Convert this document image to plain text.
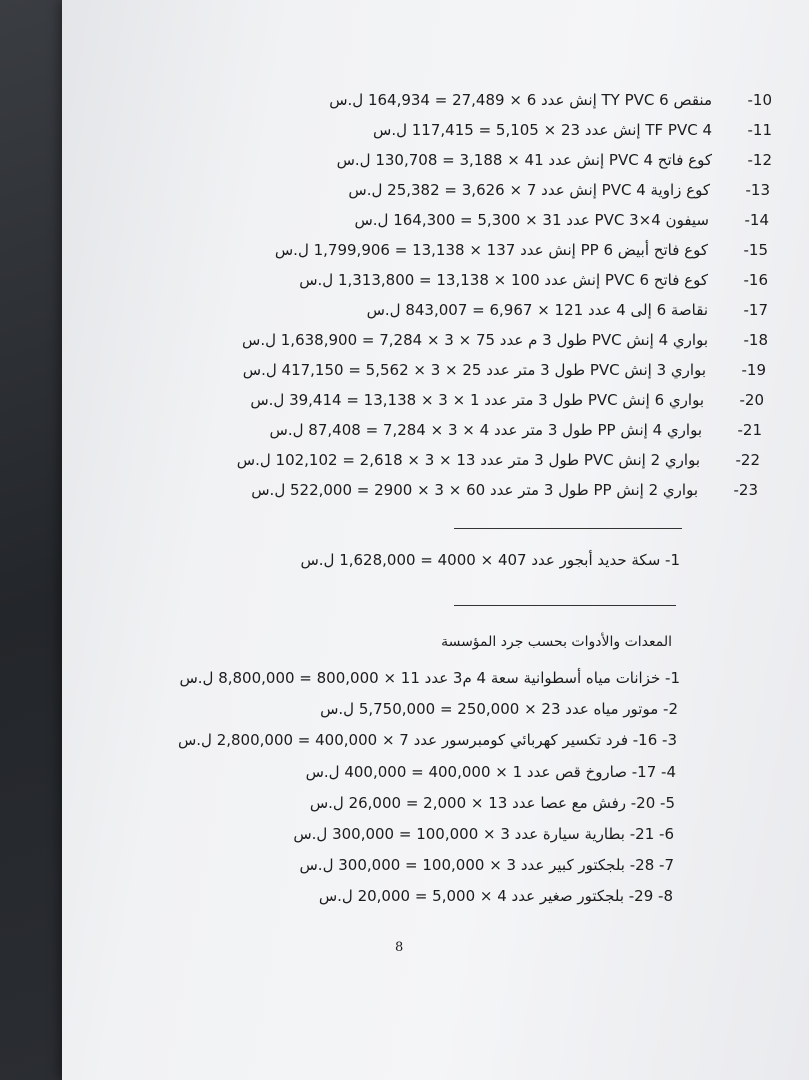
-10
منقص TY PVC 6 إنش عدد 6 × 27,489 = 164,934 ل.س
-11
TF PVC 4 إنش عدد 23 × 5,105 = 117,415 ل.س
-12
كوع فاتح PVC 4 إنش عدد 41 × 3,188 = 130,708 ل.س
-13
كوع زاوية PVC 4 إنش عدد 7 × 3,626 = 25,382 ل.س
-14
سيفون 4×3 PVC عدد 31 × 5,300 = 164,300 ل.س
-15
كوع فاتح أبيض PP 6 إنش عدد 137 × 13,138 = 1,799,906 ل.س
-16
كوع فاتح PVC 6 إنش عدد 100 × 13,138 = 1,313,800 ل.س
-17
نقاصة 6 إلى 4 عدد 121 × 6,967 = 843,007 ل.س
-18
بواري 4 إنش PVC طول 3 م عدد 75 × 3 × 7,284 = 1,638,900 ل.س
-19
بواري 3 إنش PVC طول 3 متر عدد 25 × 3 × 5,562 = 417,150 ل.س
-20
بواري 6 إنش PVC طول 3 متر عدد 1 × 3 × 13,138 = 39,414 ل.س
-21
بواري 4 إنش PP طول 3 متر عدد 4 × 3 × 7,284 = 87,408 ل.س
-22
بواري 2 إنش PVC طول 3 متر عدد 13 × 3 × 2,618 = 102,102 ل.س
-23
بواري 2 إنش PP طول 3 متر عدد 60 × 3 × 2900 = 522,000 ل.س
1- سكة حديد أبجور عدد 407 × 4000 = 1,628,000 ل.س
المعدات والأدوات بحسب جرد المؤسسة
1- خزانات مياه أسطوانية سعة 4 م3 عدد 11 × 800,000 = 8,800,000 ل.س
2- موتور مياه عدد 23 × 250,000 = 5,750,000 ل.س
3- 16- فرد تكسير كهربائي كومبرسور عدد 7 × 400,000 = 2,800,000 ل.س
4- 17- صاروخ قص عدد 1 × 400,000 = 400,000 ل.س
5- 20- رفش مع عصا عدد 13 × 2,000 = 26,000 ل.س
6- 21- بطارية سيارة عدد 3 × 100,000 = 300,000 ل.س
7- 28- بلجكتور كبير عدد 3 × 100,000 = 300,000 ل.س
8- 29- بلجكتور صغير عدد 4 × 5,000 = 20,000 ل.س
8
